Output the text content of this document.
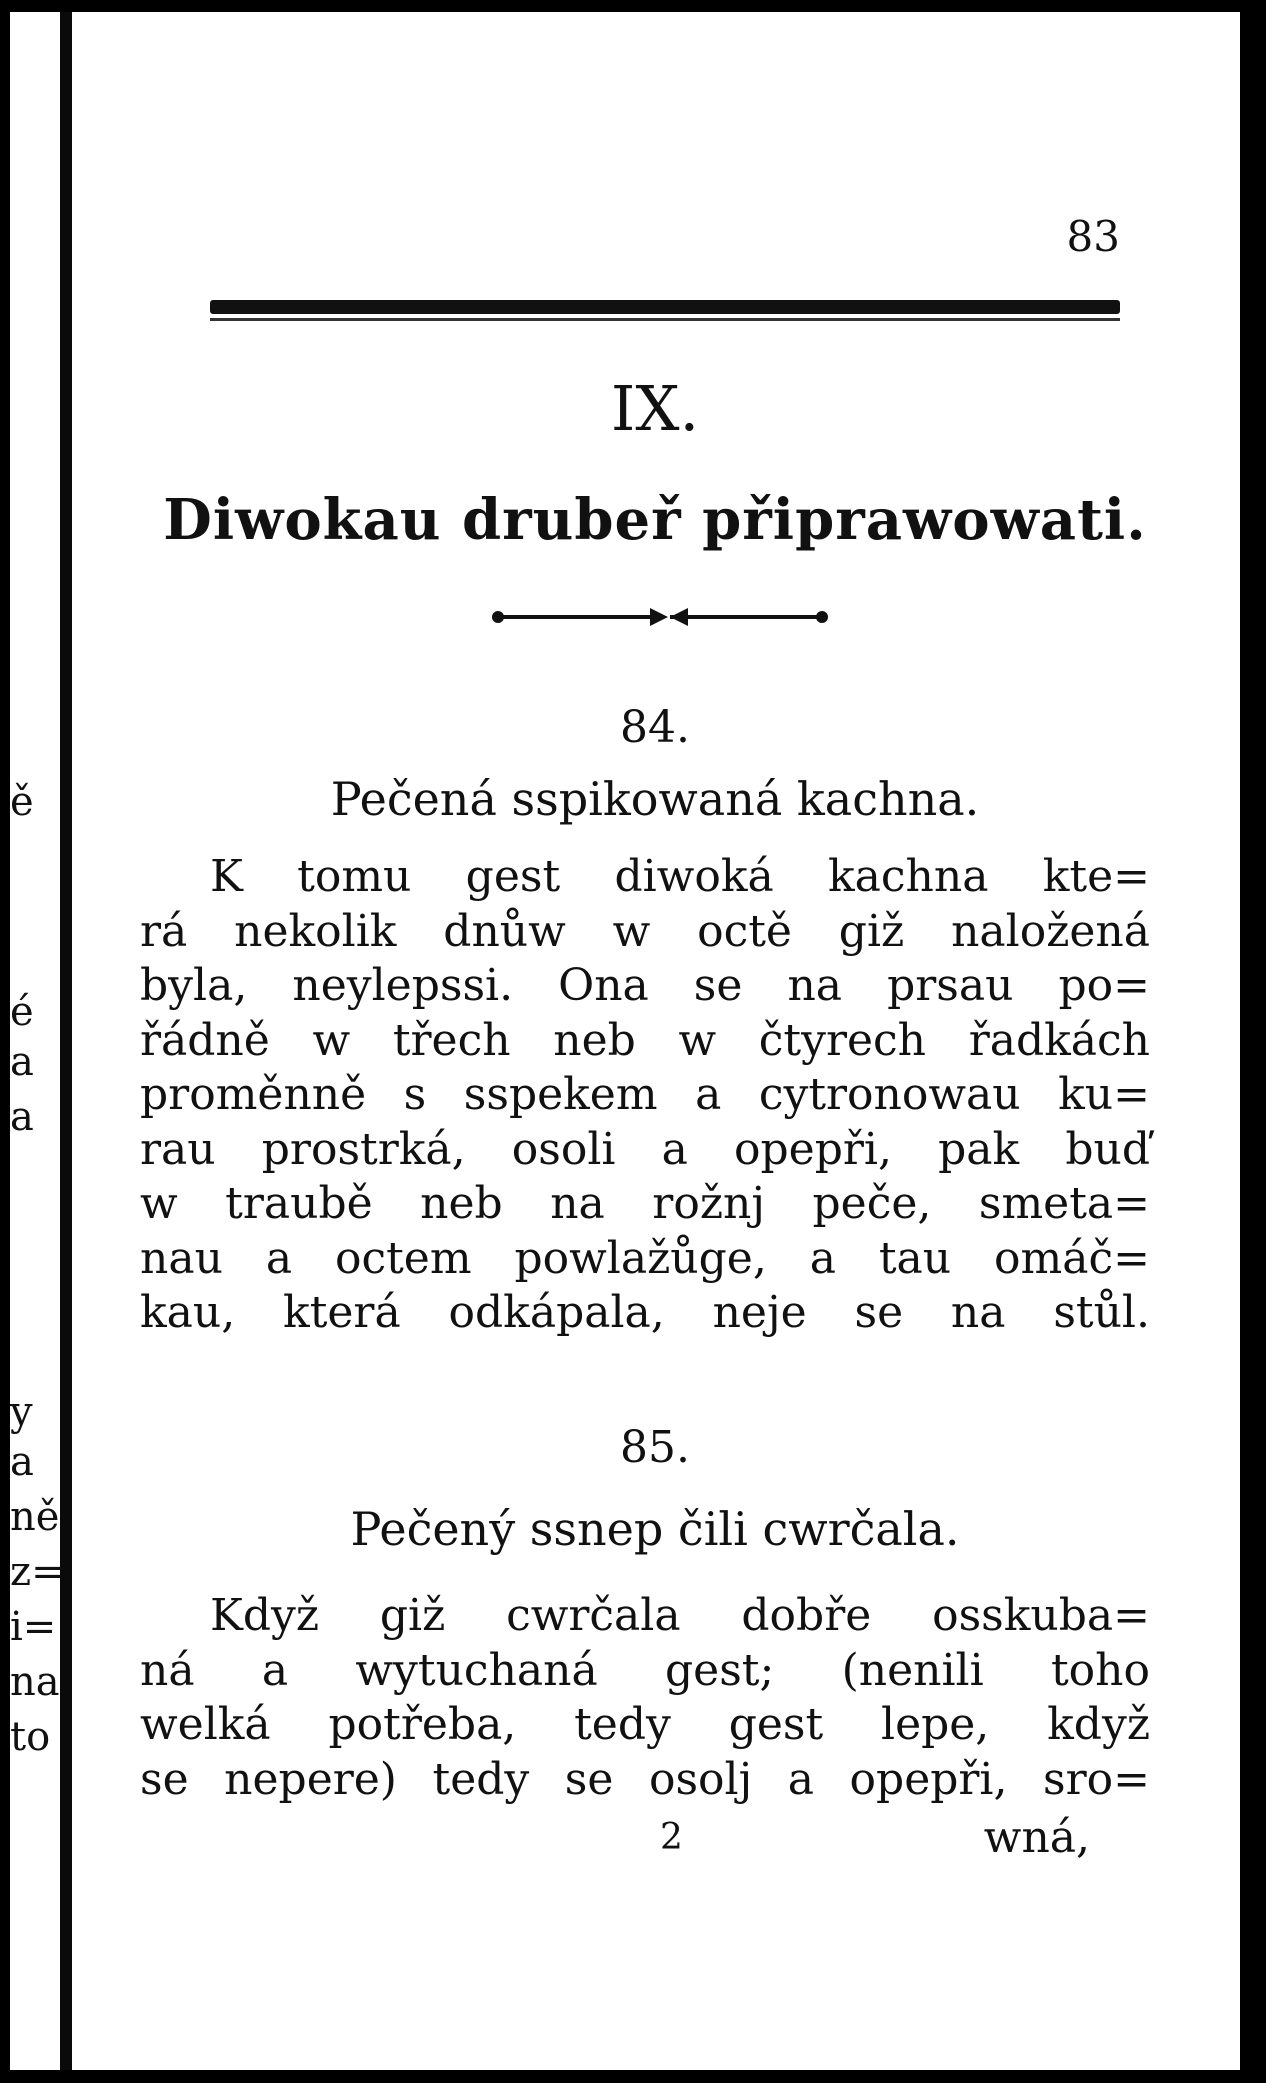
ě
é
a
a
y
a
ně
z=
i=
na
to
83
IX.
Diwokau drubeř připrawowati.
84.
Pečená sspikowaná kachna.
K tomu gest diwoká kachna kte=
rá nekolik dnůw w octě giž naložená
byla, neylepssi. Ona se na prsau po=
řádně w třech neb w čtyrech řadkách
proměnně s sspekem a cytronowau ku=
rau prostrká, osoli a opepři, pak buď
w traubě neb na rožnj peče, smeta=
nau a octem powlažůge, a tau omáč=
kau, která odkápala, neje se na stůl.
85.
Pečený ssnep čili cwrčala.
Když giž cwrčala dobře osskuba=
ná a wytuchaná gest; (nenili toho
welká potřeba, tedy gest lepe, když
se nepere) tedy se osolj a opepři, sro=
2	wná,
